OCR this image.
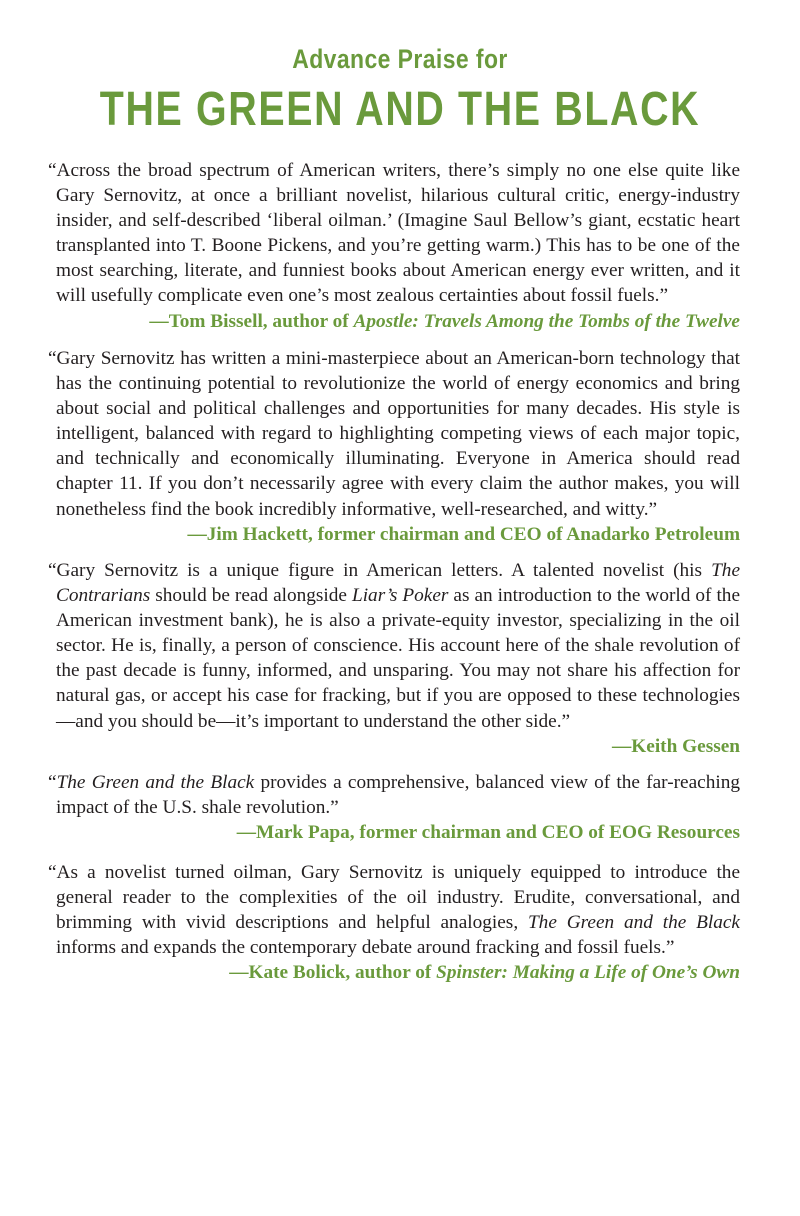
Advance Praise for
THE GREEN AND THE BLACK

“Across the broad spectrum of American writers, there’s simply no one else quite like Gary Sernovitz, at once a brilliant novelist, hilarious cultural critic, energy-industry insider, and self-described ‘liberal oilman.’ (Imagine Saul Bellow’s giant, ecstatic heart transplanted into T. Boone Pickens, and you’re getting warm.) This has to be one of the most searching, literate, and funniest books about American energy ever written, and it will usefully complicate even one’s most zealous certainties about fossil fuels.”

—Tom Bissell, author of Apostle: Travels Among the Tombs of the Twelve

“Gary Sernovitz has written a mini-masterpiece about an American-born technology that has the continuing potential to revolutionize the world of energy economics and bring about social and political challenges and opportunities for many decades. His style is intelligent, balanced with regard to highlighting competing views of each major topic, and technically and economically illuminating. Everyone in America should read chapter 11. If you don’t necessarily agree with every claim the author makes, you will nonetheless find the book incredibly informative, well-researched, and witty.”

—Jim Hackett, former chairman and CEO of Anadarko Petroleum

“Gary Sernovitz is a unique figure in American letters. A talented novelist (his The Contrarians should be read alongside Liar’s Poker as an introduction to the world of the American investment bank), he is also a private-equity investor, specializing in the oil sector. He is, finally, a person of conscience. His account here of the shale revolution of the past decade is funny, informed, and unsparing. You may not share his affection for natural gas, or accept his case for fracking, but if you are opposed to these technologies—and you should be—it’s important to understand the other side.”

—Keith Gessen

“The Green and the Black provides a comprehensive, balanced view of the far-reaching impact of the U.S. shale revolution.”

—Mark Papa, former chairman and CEO of EOG Resources

“As a novelist turned oilman, Gary Sernovitz is uniquely equipped to introduce the general reader to the complexities of the oil industry. Erudite, conversational, and brimming with vivid descriptions and helpful analogies, The Green and the Black informs and expands the contemporary debate around fracking and fossil fuels.”

—Kate Bolick, author of Spinster: Making a Life of One’s Own
